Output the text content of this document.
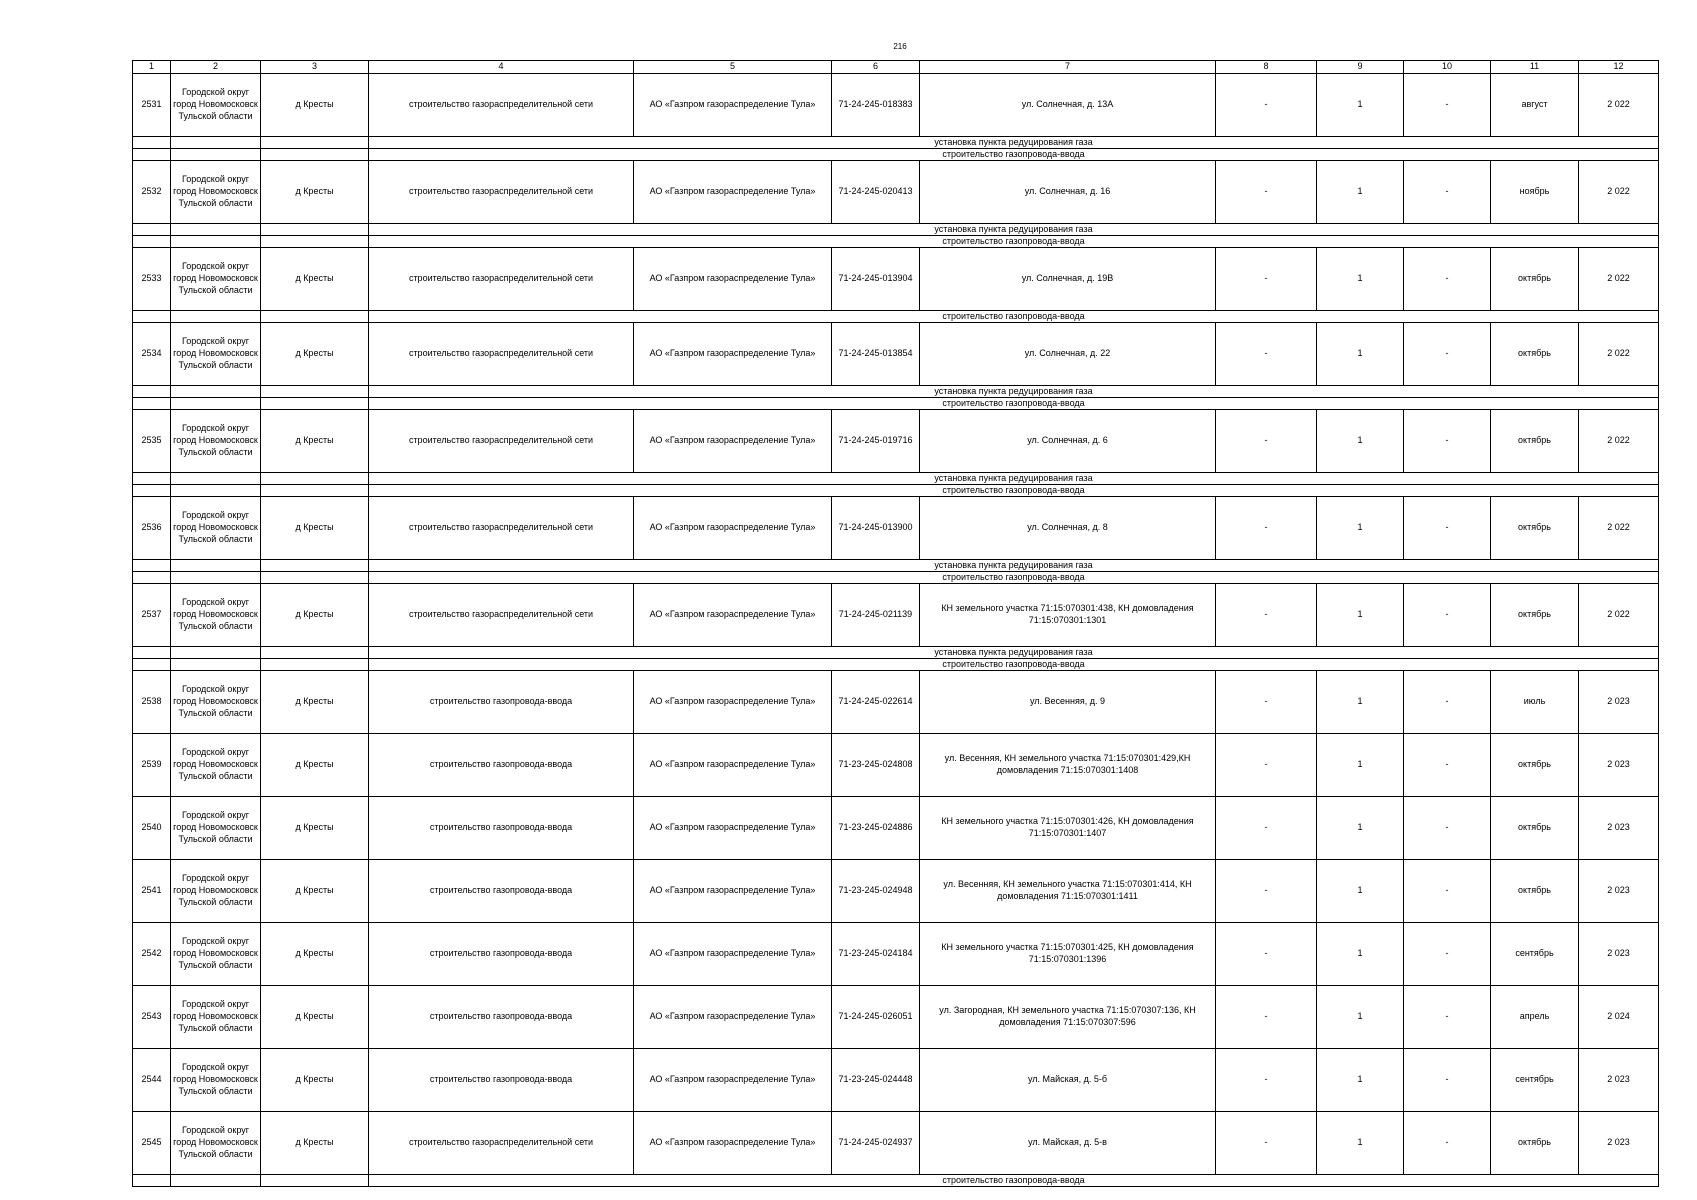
216
1	2	3	4	5	6	7	8	9	10	11	12
2531	Городской округ город Новомосковск Тульской области	д Кресты	строительство газораспределительной сети	АО «Газпром газораспределение Тула»	71-24-245-018383	ул. Солнечная, д. 13А	-	1	-	август	2 022
			установка пункта редуцирования газа								
			строительство газопровода-ввода								
2532	Городской округ город Новомосковск Тульской области	д Кресты	строительство газораспределительной сети	АО «Газпром газораспределение Тула»	71-24-245-020413	ул. Солнечная, д. 16	-	1	-	ноябрь	2 022
			установка пункта редуцирования газа								
			строительство газопровода-ввода								
2533	Городской округ город Новомосковск Тульской области	д Кресты	строительство газораспределительной сети	АО «Газпром газораспределение Тула»	71-24-245-013904	ул. Солнечная, д. 19В	-	1	-	октябрь	2 022
			строительство газопровода-ввода								
2534	Городской округ город Новомосковск Тульской области	д Кресты	строительство газораспределительной сети	АО «Газпром газораспределение Тула»	71-24-245-013854	ул. Солнечная, д. 22	-	1	-	октябрь	2 022
			установка пункта редуцирования газа								
			строительство газопровода-ввода								
2535	Городской округ город Новомосковск Тульской области	д Кресты	строительство газораспределительной сети	АО «Газпром газораспределение Тула»	71-24-245-019716	ул. Солнечная, д. 6	-	1	-	октябрь	2 022
			установка пункта редуцирования газа								
			строительство газопровода-ввода								
2536	Городской округ город Новомосковск Тульской области	д Кресты	строительство газораспределительной сети	АО «Газпром газораспределение Тула»	71-24-245-013900	ул. Солнечная, д. 8	-	1	-	октябрь	2 022
			установка пункта редуцирования газа								
			строительство газопровода-ввода								
2537	Городской округ город Новомосковск Тульской области	д Кресты	строительство газораспределительной сети	АО «Газпром газораспределение Тула»	71-24-245-021139	КН земельного участка 71:15:070301:438, КН домовладения 71:15:070301:1301	-	1	-	октябрь	2 022
			установка пункта редуцирования газа								
			строительство газопровода-ввода								
2538	Городской округ город Новомосковск Тульской области	д Кресты	строительство газопровода-ввода	АО «Газпром газораспределение Тула»	71-24-245-022614	ул. Весенняя, д. 9	-	1	-	июль	2 023
2539	Городской округ город Новомосковск Тульской области	д Кресты	строительство газопровода-ввода	АО «Газпром газораспределение Тула»	71-23-245-024808	ул. Весенняя, КН земельного участка 71:15:070301:429,КН домовладения 71:15:070301:1408	-	1	-	октябрь	2 023
2540	Городской округ город Новомосковск Тульской области	д Кресты	строительство газопровода-ввода	АО «Газпром газораспределение Тула»	71-23-245-024886	КН земельного участка 71:15:070301:426, КН домовладения 71:15:070301:1407	-	1	-	октябрь	2 023
2541	Городской округ город Новомосковск Тульской области	д Кресты	строительство газопровода-ввода	АО «Газпром газораспределение Тула»	71-23-245-024948	ул. Весенняя, КН земельного участка 71:15:070301:414, КН домовладения 71:15:070301:1411	-	1	-	октябрь	2 023
2542	Городской округ город Новомосковск Тульской области	д Кресты	строительство газопровода-ввода	АО «Газпром газораспределение Тула»	71-23-245-024184	КН земельного участка 71:15:070301:425, КН домовладения 71:15:070301:1396	-	1	-	сентябрь	2 023
2543	Городской округ город Новомосковск Тульской области	д Кресты	строительство газопровода-ввода	АО «Газпром газораспределение Тула»	71-24-245-026051	ул. Загородная, КН земельного участка 71:15:070307:136, КН домовладения 71:15:070307:596	-	1	-	апрель	2 024
2544	Городской округ город Новомосковск Тульской области	д Кресты	строительство газопровода-ввода	АО «Газпром газораспределение Тула»	71-23-245-024448	ул. Майская, д. 5-б	-	1	-	сентябрь	2 023
2545	Городской округ город Новомосковск Тульской области	д Кресты	строительство газораспределительной сети	АО «Газпром газораспределение Тула»	71-24-245-024937	ул. Майская, д. 5-в	-	1	-	октябрь	2 023
			строительство газопровода-ввода								
